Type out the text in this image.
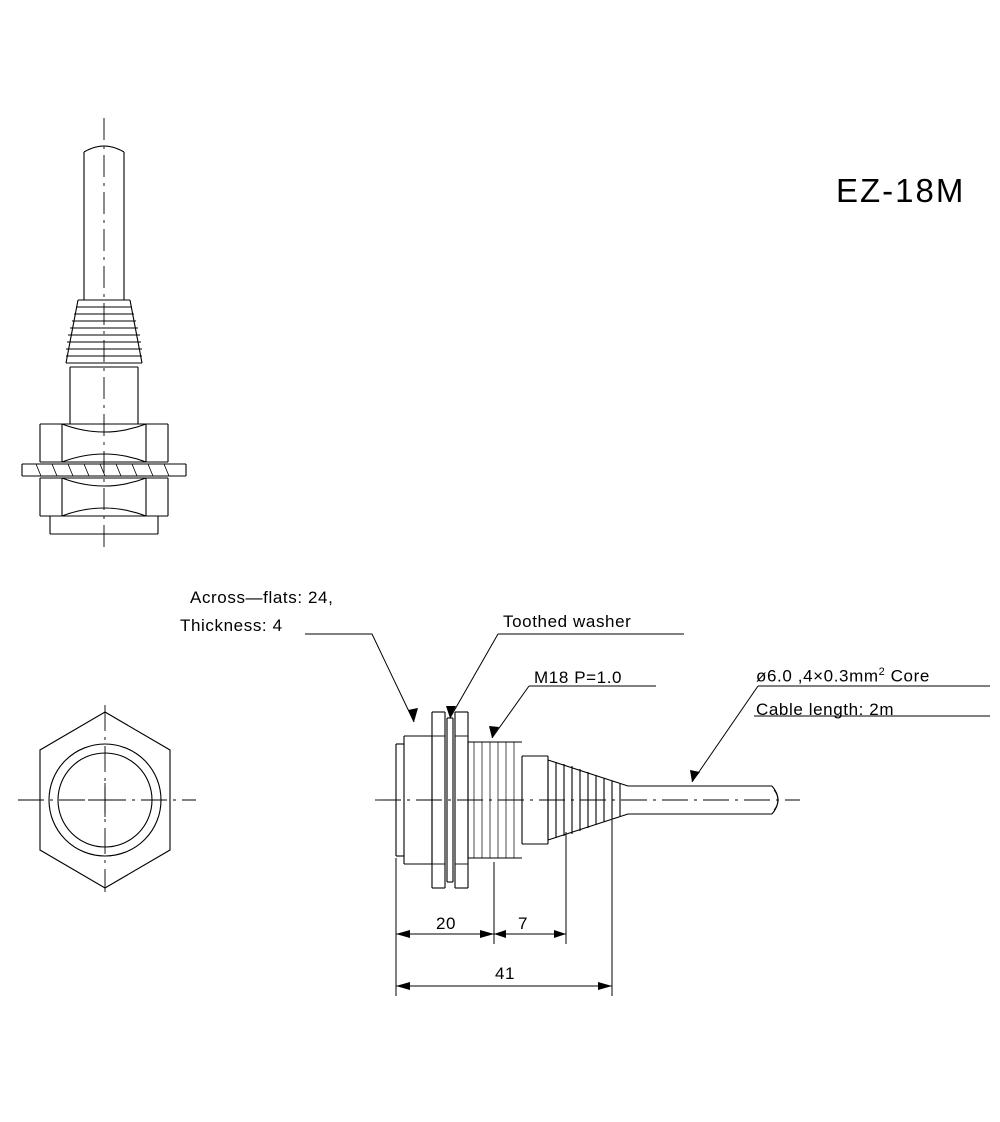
EZ-18M
Across—flats: 24,
Thickness: 4	Toothed washer
M18 P=1.0	ø6.0 $,4\times 0.3mm^2$ Core
Cable length: 2m
20	7
41
